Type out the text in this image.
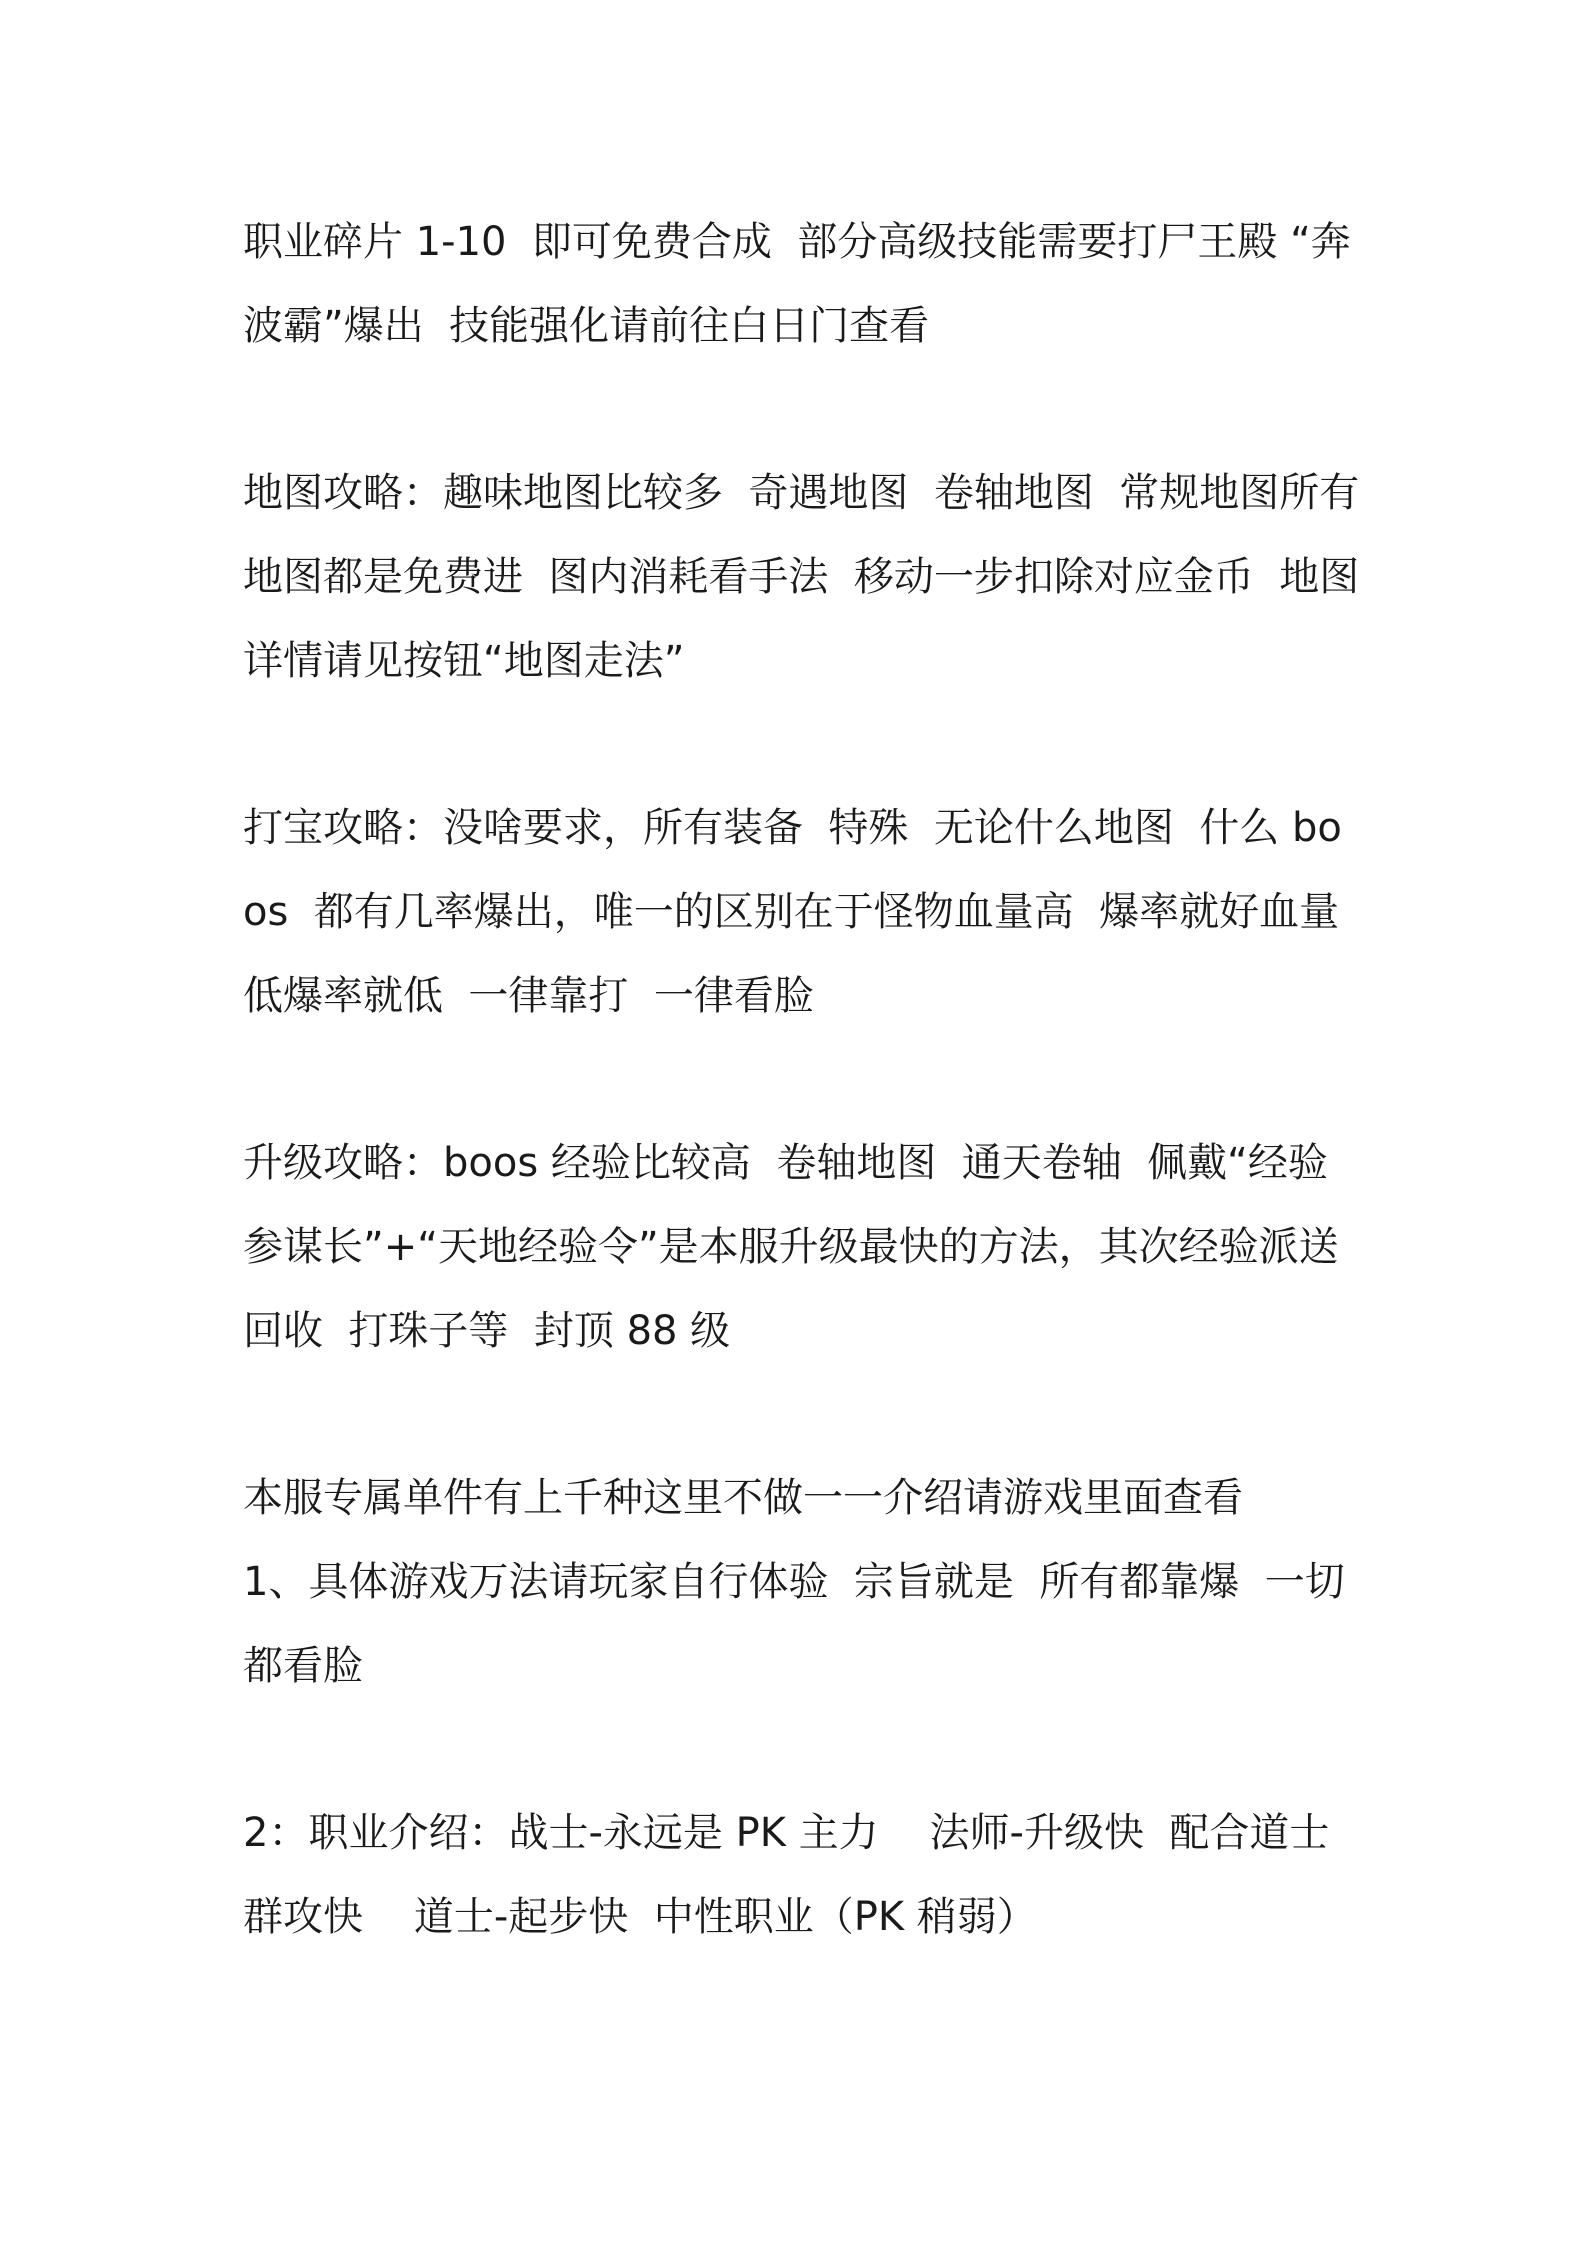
职业碎片 1-10  即可免费合成  部分高级技能需要打尸王殿 “奔波霸”爆出  技能强化请前往白日门查看

地图攻略：趣味地图比较多  奇遇地图  卷轴地图  常规地图所有地图都是免费进  图内消耗看手法  移动一步扣除对应金币  地图详情请见按钮“地图走法”

打宝攻略：没啥要求，所有装备  特殊  无论什么地图  什么 boos  都有几率爆出，唯一的区别在于怪物血量高  爆率就好血量低爆率就低  一律靠打  一律看脸

升级攻略：boos 经验比较高  卷轴地图  通天卷轴  佩戴“经验参谋长”+“天地经验令”是本服升级最快的方法，其次经验派送  回收  打珠子等  封顶 88 级

本服专属单件有上千种这里不做一一介绍请游戏里面查看

1、具体游戏万法请玩家自行体验  宗旨就是  所有都靠爆  一切都看脸

2：职业介绍：战士-永远是 PK 主力    法师-升级快  配合道士群攻快    道士-起步快  中性职业（PK 稍弱）
